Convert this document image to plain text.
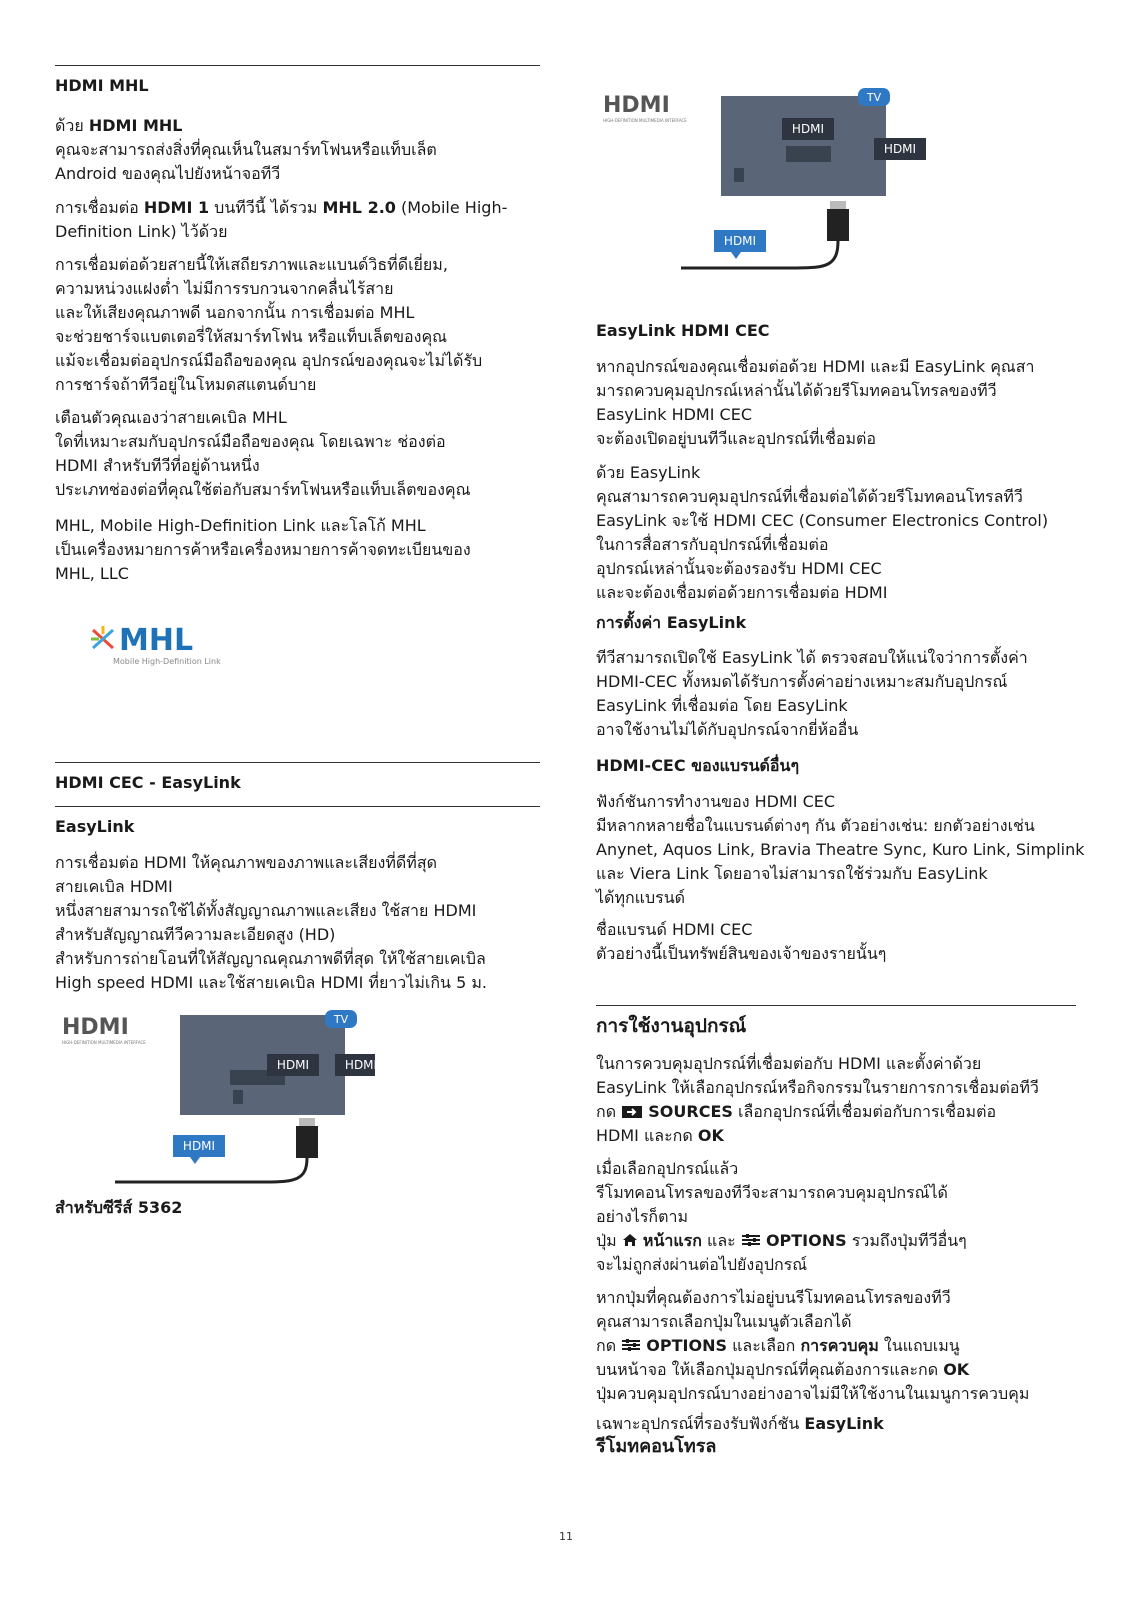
HDMI MHL
ด้วย HDMI MHL
คุณจะสามารถส่งสิ่งที่คุณเห็นในสมาร์ทโฟนหรือแท็บเล็ต
Android ของคุณไปยังหน้าจอทีวี
การเชื่อมต่อ HDMI 1 บนทีวีนี้ ได้รวม MHL 2.0 (Mobile High-
Definition Link) ไว้ด้วย
การเชื่อมต่อด้วยสายนี้ให้เสถียรภาพและแบนด์วิธที่ดีเยี่ยม,
ความหน่วงแฝงต่ำ ไม่มีการรบกวนจากคลื่นไร้สาย
และให้เสียงคุณภาพดี นอกจากนั้น การเชื่อมต่อ MHL
จะช่วยชาร์จแบตเตอรี่ให้สมาร์ทโฟน หรือแท็บเล็ตของคุณ
แม้จะเชื่อมต่ออุปกรณ์มือถือของคุณ อุปกรณ์ของคุณจะไม่ได้รับ
การชาร์จถ้าทีวีอยู่ในโหมดสแตนด์บาย
เตือนตัวคุณเองว่าสายเคเบิล MHL
ใดที่เหมาะสมกับอุปกรณ์มือถือของคุณ โดยเฉพาะ ช่องต่อ
HDMI สำหรับทีวีที่อยู่ด้านหนึ่ง
ประเภทช่องต่อที่คุณใช้ต่อกับสมาร์ทโฟนหรือแท็บเล็ตของคุณ
MHL, Mobile High-Definition Link และโลโก้ MHL
เป็นเครื่องหมายการค้าหรือเครื่องหมายการค้าจดทะเบียนของ
MHL, LLC
MHL
Mobile High-Definition Link
HDMI CEC - EasyLink
EasyLink
การเชื่อมต่อ HDMI ให้คุณภาพของภาพและเสียงที่ดีที่สุด
สายเคเบิล HDMI
หนึ่งสายสามารถใช้ได้ทั้งสัญญาณภาพและเสียง ใช้สาย HDMI
สำหรับสัญญาณทีวีความละเอียดสูง (HD)
สำหรับการถ่ายโอนที่ให้สัญญาณคุณภาพดีที่สุด ให้ใช้สายเคเบิล
High speed HDMI และใช้สายเคเบิล HDMI ที่ยาวไม่เกิน 5 ม.
HDMI
HIGH-DEFINITION MULTIMEDIA INTERFACE
TV
HDMI	HDMI
HDMI
สำหรับซีรีส์ 5362
HDMI
HIGH-DEFINITION MULTIMEDIA INTERFACE
TV
HDMI
HDMI
HDMI
EasyLink HDMI CEC
หากอุปกรณ์ของคุณเชื่อมต่อด้วย HDMI และมี EasyLink คุณสา
มารถควบคุมอุปกรณ์เหล่านั้นได้ด้วยรีโมทคอนโทรลของทีวี
EasyLink HDMI CEC
จะต้องเปิดอยู่บนทีวีและอุปกรณ์ที่เชื่อมต่อ
ด้วย EasyLink
คุณสามารถควบคุมอุปกรณ์ที่เชื่อมต่อได้ด้วยรีโมทคอนโทรลทีวี
EasyLink จะใช้ HDMI CEC (Consumer Electronics Control)
ในการสื่อสารกับอุปกรณ์ที่เชื่อมต่อ
อุปกรณ์เหล่านั้นจะต้องรองรับ HDMI CEC
และจะต้องเชื่อมต่อด้วยการเชื่อมต่อ HDMI
การตั้งค่า EasyLink
ทีวีสามารถเปิดใช้ EasyLink ได้ ตรวจสอบให้แน่ใจว่าการตั้งค่า
HDMI-CEC ทั้งหมดได้รับการตั้งค่าอย่างเหมาะสมกับอุปกรณ์
EasyLink ที่เชื่อมต่อ โดย EasyLink
อาจใช้งานไม่ได้กับอุปกรณ์จากยี่ห้ออื่น
HDMI-CEC ของแบรนด์อื่นๆ
ฟังก์ชันการทำงานของ HDMI CEC
มีหลากหลายชื่อในแบรนด์ต่างๆ กัน ตัวอย่างเช่น: ยกตัวอย่างเช่น
Anynet, Aquos Link, Bravia Theatre Sync, Kuro Link, Simplink
และ Viera Link โดยอาจไม่สามารถใช้ร่วมกับ EasyLink
ได้ทุกแบรนด์
ชื่อแบรนด์ HDMI CEC
ตัวอย่างนี้เป็นทรัพย์สินของเจ้าของรายนั้นๆ
การใช้งานอุปกรณ์
ในการควบคุมอุปกรณ์ที่เชื่อมต่อกับ HDMI และตั้งค่าด้วย
EasyLink ให้เลือกอุปกรณ์หรือกิจกรรมในรายการการเชื่อมต่อทีวี
กด  SOURCES เลือกอุปกรณ์ที่เชื่อมต่อกับการเชื่อมต่อ
HDMI และกด OK
เมื่อเลือกอุปกรณ์แล้ว
รีโมทคอนโทรลของทีวีจะสามารถควบคุมอุปกรณ์ได้
อย่างไรก็ตาม
ปุ่ม  หน้าแรก และ  OPTIONS รวมถึงปุ่มทีวีอื่นๆ
จะไม่ถูกส่งผ่านต่อไปยังอุปกรณ์
หากปุ่มที่คุณต้องการไม่อยู่บนรีโมทคอนโทรลของทีวี
คุณสามารถเลือกปุ่มในเมนูตัวเลือกได้
กด  OPTIONS และเลือก การควบคุม ในแถบเมนู
บนหน้าจอ ให้เลือกปุ่มอุปกรณ์ที่คุณต้องการและกด OK
ปุ่มควบคุมอุปกรณ์บางอย่างอาจไม่มีให้ใช้งานในเมนูการควบคุม
เฉพาะอุปกรณ์ที่รองรับฟังก์ชัน EasyLink
รีโมทคอนโทรล
11
